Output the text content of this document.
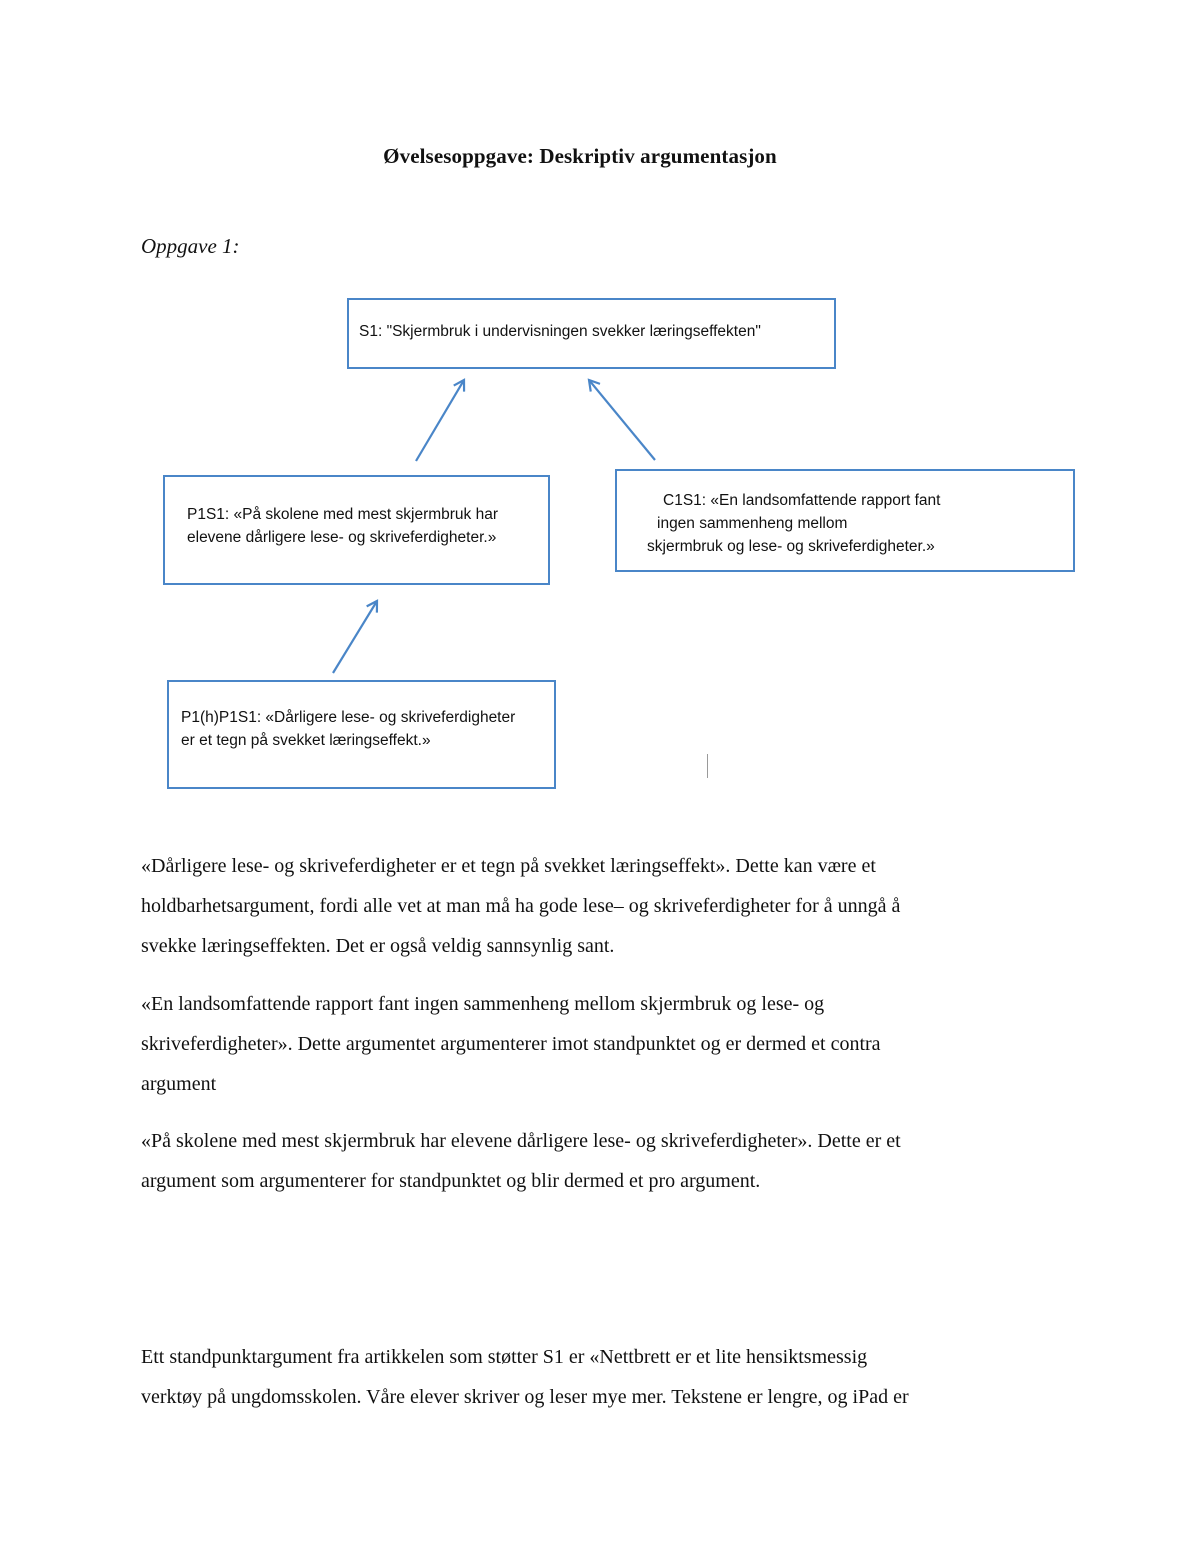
Øvelsesoppgave: Deskriptiv argumentasjon
Oppgave 1:
S1: "Skjermbruk i undervisningen svekker læringseffekten"
P1S1: «På skolene med mest skjermbruk har
elevene dårligere lese- og skriveferdigheter.»
C1S1: «En landsomfattende rapport fant
ingen sammenheng mellom
skjermbruk og lese- og skriveferdigheter.»
P1(h)P1S1: «Dårligere lese- og skriveferdigheter
er et tegn på svekket læringseffekt.»
«Dårligere lese- og skriveferdigheter er et tegn på svekket læringseffekt». Dette kan være et
holdbarhetsargument, fordi alle vet at man må ha gode lese– og skriveferdigheter for å unngå å
svekke læringseffekten. Det er også veldig sannsynlig sant.
«En landsomfattende rapport fant ingen sammenheng mellom skjermbruk og lese- og
skriveferdigheter». Dette argumentet argumenterer imot standpunktet og er dermed et contra
argument
«På skolene med mest skjermbruk har elevene dårligere lese- og skriveferdigheter». Dette er et
argument som argumenterer for standpunktet og blir dermed et pro argument.
Ett standpunktargument fra artikkelen som støtter S1 er «Nettbrett er et lite hensiktsmessig
verktøy på ungdomsskolen. Våre elever skriver og leser mye mer. Tekstene er lengre, og iPad er
